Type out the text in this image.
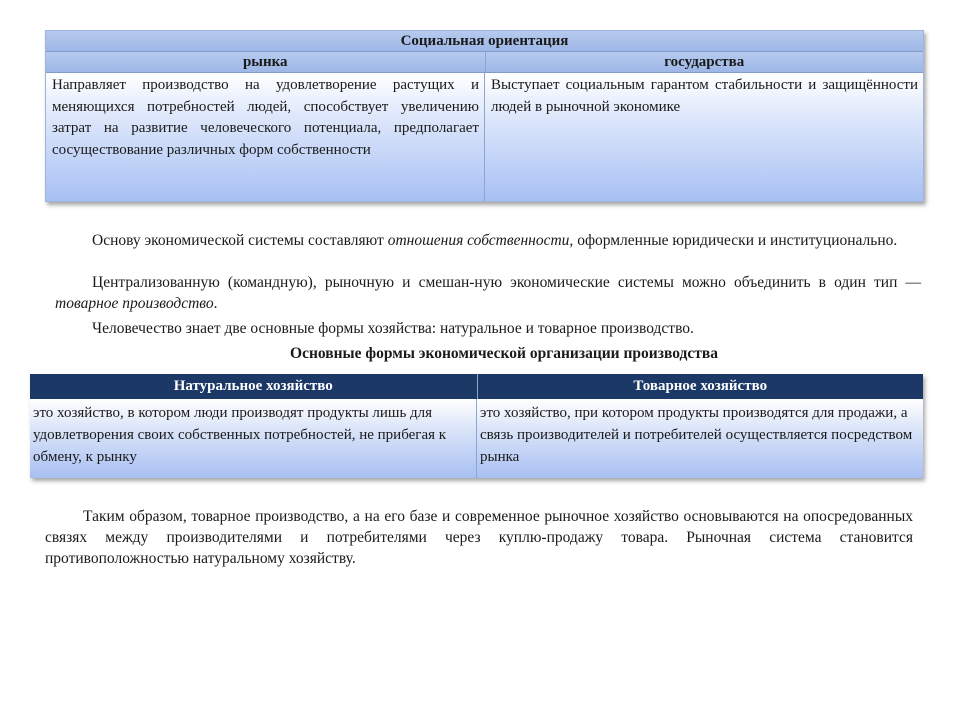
Социальная ориентация
рынка	государства
Направляет производство на удовлетворение растущих и меняющихся потребностей людей, способствует увеличению затрат на развитие человеческого потенциала, предполагает сосуществование различных форм собственности
Выступает социальным гарантом стабильности и защищённости людей в рыночной экономике

Основу экономической системы составляют отношения собственности, оформленные юридически и институционально.

Централизованную (командную), рыночную и смешан-ную экономические системы можно объединить в один тип — товарное производство.

Человечество знает две основные формы хозяйства: натуральное и товарное производство.

Основные формы экономической организации производства
Натуральное хозяйство	Товарное хозяйство
это хозяйство, в котором люди производят продукты лишь для удовлетворения своих собственных потребностей, не прибегая к обмену, к рынку
это хозяйство, при котором продукты производятся для продажи, а связь производителей и потребителей осуществляется посредством рынка

Таким образом, товарное производство, а на его базе и современное рыночное хозяйство основываются на опосредованных связях между производителями и потребителями через куплю-продажу товара. Рыночная система становится противоположностью натуральному хозяйству.
